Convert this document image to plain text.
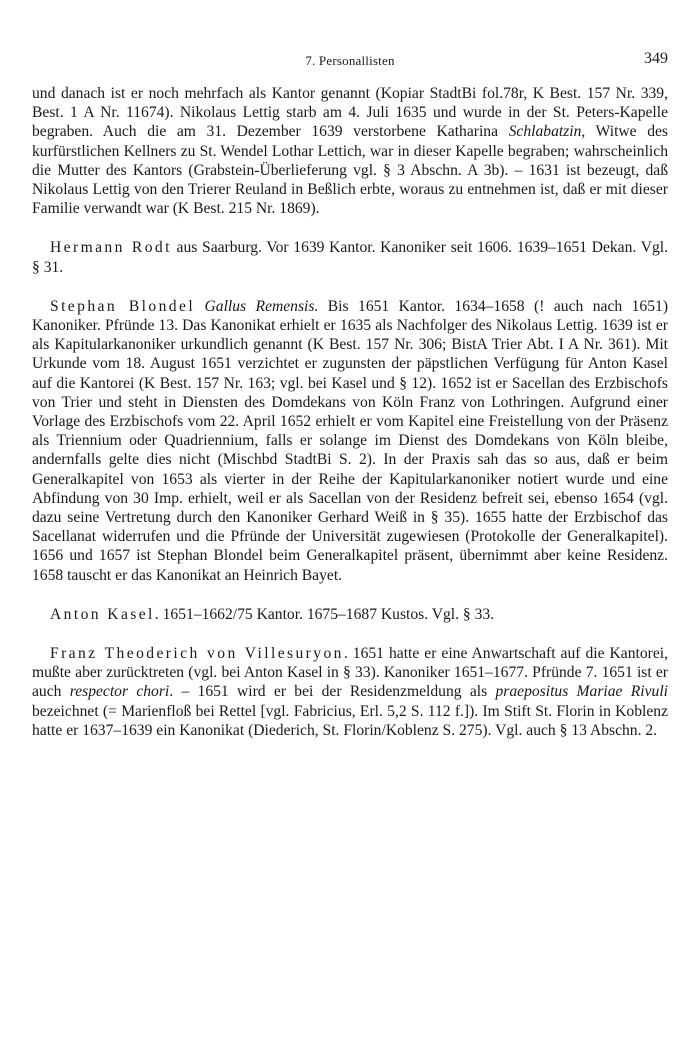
7. Personallisten	349

und danach ist er noch mehrfach als Kantor genannt (Kopiar StadtBi fol.78r, K Best. 157 Nr. 339, Best. 1 A Nr. 11674). Nikolaus Lettig starb am 4. Juli 1635 und wurde in der St. Peters-Kapelle begraben. Auch die am 31. Dezember 1639 verstorbene Katharina Schlabatzin, Witwe des kurfürstlichen Kellners zu St. Wendel Lothar Lettich, war in dieser Kapelle begraben; wahrscheinlich die Mutter des Kantors (Grabstein-Überlieferung vgl. § 3 Abschn. A 3b). – 1631 ist bezeugt, daß Nikolaus Lettig von den Trierer Reuland in Beßlich erbte, woraus zu entnehmen ist, daß er mit dieser Familie verwandt war (K Best. 215 Nr. 1869).

Hermann Rodt aus Saarburg. Vor 1639 Kantor. Kanoniker seit 1606. 1639–1651 Dekan. Vgl. § 31.

Stephan Blondel Gallus Remensis. Bis 1651 Kantor. 1634–1658 (! auch nach 1651) Kanoniker. Pfründe 13. Das Kanonikat erhielt er 1635 als Nachfolger des Nikolaus Lettig. 1639 ist er als Kapitularkanoniker urkundlich genannt (K Best. 157 Nr. 306; BistA Trier Abt. I A Nr. 361). Mit Urkunde vom 18. August 1651 verzichtet er zugunsten der päpstlichen Verfügung für Anton Kasel auf die Kantorei (K Best. 157 Nr. 163; vgl. bei Kasel und § 12). 1652 ist er Sacellan des Erzbischofs von Trier und steht in Diensten des Domdekans von Köln Franz von Lothringen. Aufgrund einer Vorlage des Erzbischofs vom 22. April 1652 erhielt er vom Kapitel eine Freistellung von der Präsenz als Triennium oder Quadriennium, falls er solange im Dienst des Domdekans von Köln bleibe, andernfalls gelte dies nicht (Mischbd StadtBi S. 2). In der Praxis sah das so aus, daß er beim Generalkapitel von 1653 als vierter in der Reihe der Kapitularkanoniker notiert wurde und eine Abfindung von 30 Imp. erhielt, weil er als Sacellan von der Residenz befreit sei, ebenso 1654 (vgl. dazu seine Vertretung durch den Kanoniker Gerhard Weiß in § 35). 1655 hatte der Erzbischof das Sacellanat widerrufen und die Pfründe der Universität zugewiesen (Protokolle der Generalkapitel). 1656 und 1657 ist Stephan Blondel beim Generalkapitel präsent, übernimmt aber keine Residenz. 1658 tauscht er das Kanonikat an Heinrich Bayet.

Anton Kasel. 1651–1662/75 Kantor. 1675–1687 Kustos. Vgl. § 33.

Franz Theoderich von Villesuryon. 1651 hatte er eine Anwartschaft auf die Kantorei, mußte aber zurücktreten (vgl. bei Anton Kasel in § 33). Kanoniker 1651–1677. Pfründe 7. 1651 ist er auch respector chori. – 1651 wird er bei der Residenzmeldung als praepositus Mariae Rivuli bezeichnet (= Marienfloß bei Rettel [vgl. Fabricius, Erl. 5,2 S. 112 f.]). Im Stift St. Florin in Koblenz hatte er 1637–1639 ein Kanonikat (Diederich, St. Florin/Koblenz S. 275). Vgl. auch § 13 Abschn. 2.
